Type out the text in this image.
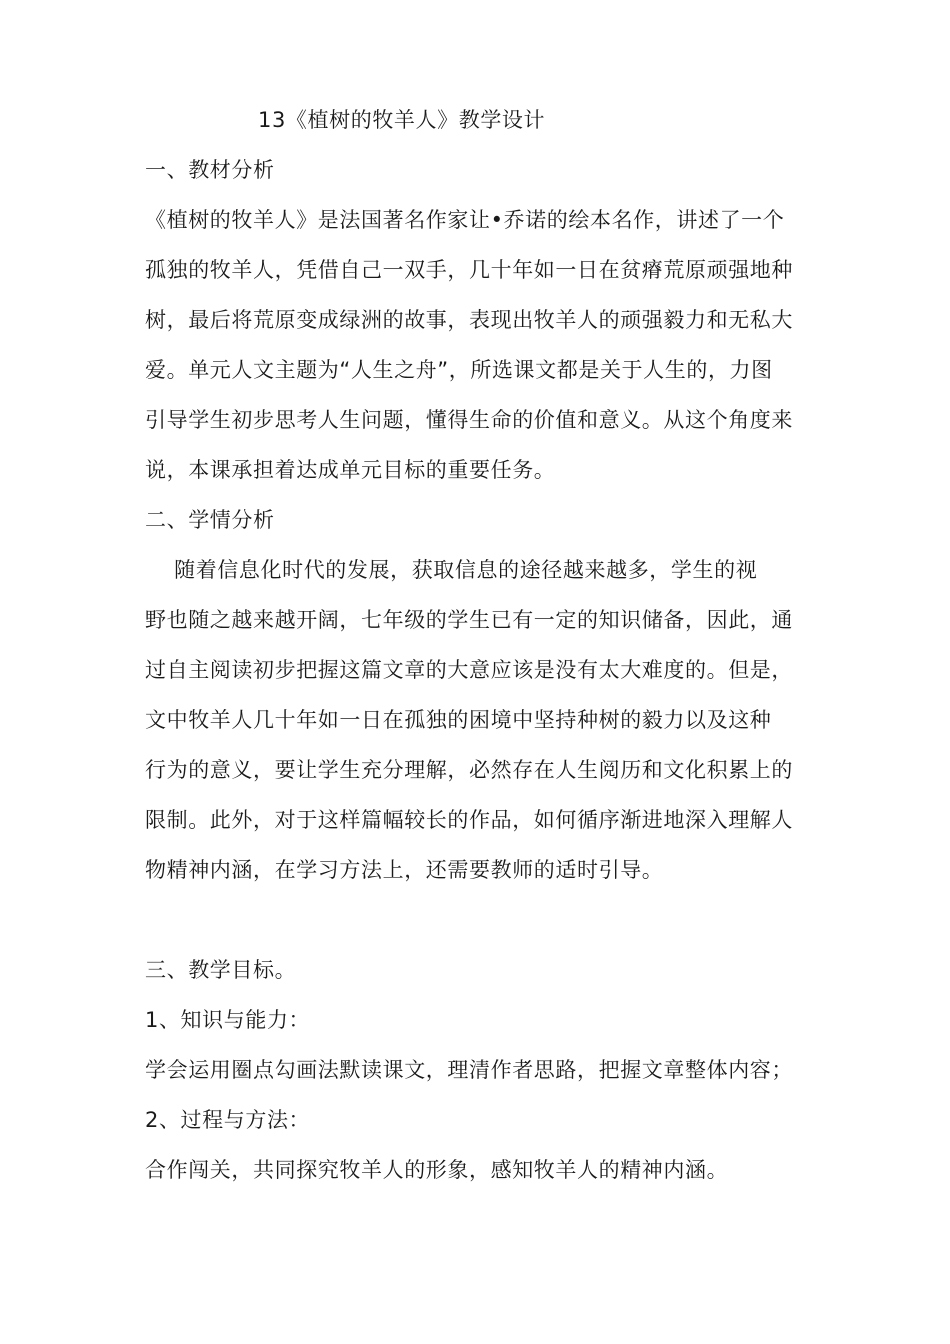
13《植树的牧羊人》教学设计
一、教材分析
《植树的牧羊人》是法国著名作家让•乔诺的绘本名作，讲述了一个
孤独的牧羊人，凭借自己一双手，几十年如一日在贫瘠荒原顽强地种
树，最后将荒原变成绿洲的故事，表现出牧羊人的顽强毅力和无私大
爱。单元人文主题为“人生之舟”，所选课文都是关于人生的，力图
引导学生初步思考人生问题，懂得生命的价值和意义。从这个角度来
说，本课承担着达成单元目标的重要任务。
二、学情分析
随着信息化时代的发展，获取信息的途径越来越多，学生的视
野也随之越来越开阔，七年级的学生已有一定的知识储备，因此，通
过自主阅读初步把握这篇文章的大意应该是没有太大难度的。但是，
文中牧羊人几十年如一日在孤独的困境中坚持种树的毅力以及这种
行为的意义，要让学生充分理解，必然存在人生阅历和文化积累上的
限制。此外，对于这样篇幅较长的作品，如何循序渐进地深入理解人
物精神内涵，在学习方法上，还需要教师的适时引导。
三、教学目标。
1、知识与能力：
学会运用圈点勾画法默读课文，理清作者思路，把握文章整体内容；
2、过程与方法：
合作闯关，共同探究牧羊人的形象，感知牧羊人的精神内涵。
